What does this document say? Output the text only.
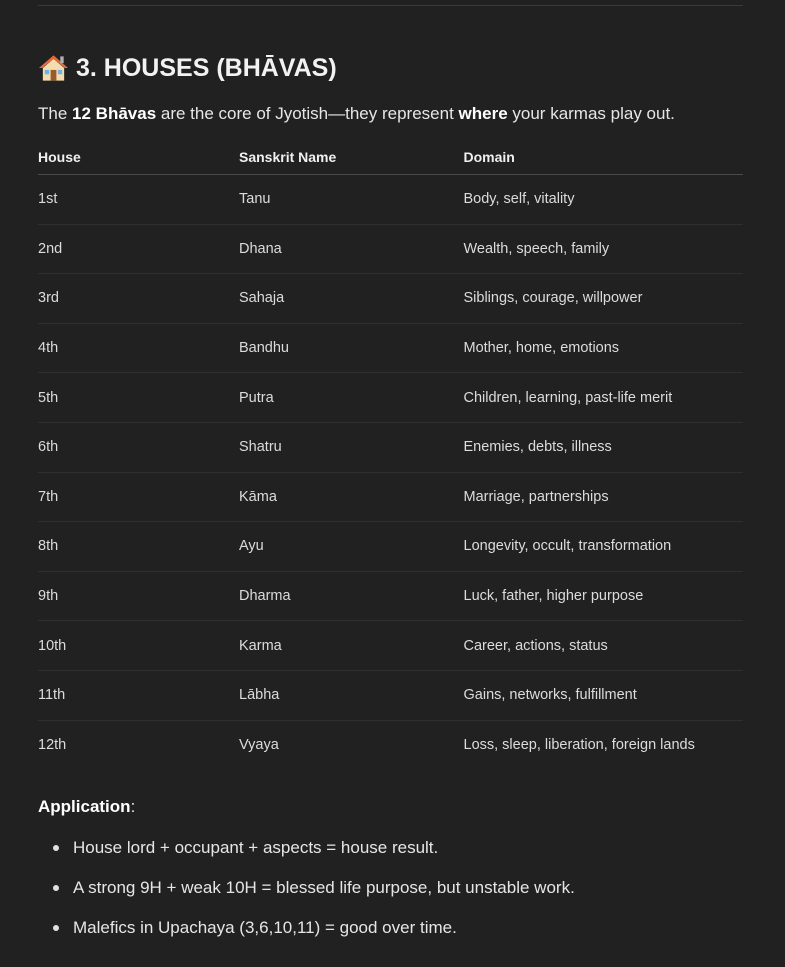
3. HOUSES (BHĀVAS)
The 12 Bhāvas are the core of Jyotish—they represent where your karmas play out.
House	Sanskrit Name	Domain
1st	Tanu	Body, self, vitality
2nd	Dhana	Wealth, speech, family
3rd	Sahaja	Siblings, courage, willpower
4th	Bandhu	Mother, home, emotions
5th	Putra	Children, learning, past-life merit
6th	Shatru	Enemies, debts, illness
7th	Kāma	Marriage, partnerships
8th	Ayu	Longevity, occult, transformation
9th	Dharma	Luck, father, higher purpose
10th	Karma	Career, actions, status
11th	Lābha	Gains, networks, fulfillment
12th	Vyaya	Loss, sleep, liberation, foreign lands
Application:
House lord + occupant + aspects = house result.
A strong 9H + weak 10H = blessed life purpose, but unstable work.
Malefics in Upachaya (3,6,10,11) = good over time.
